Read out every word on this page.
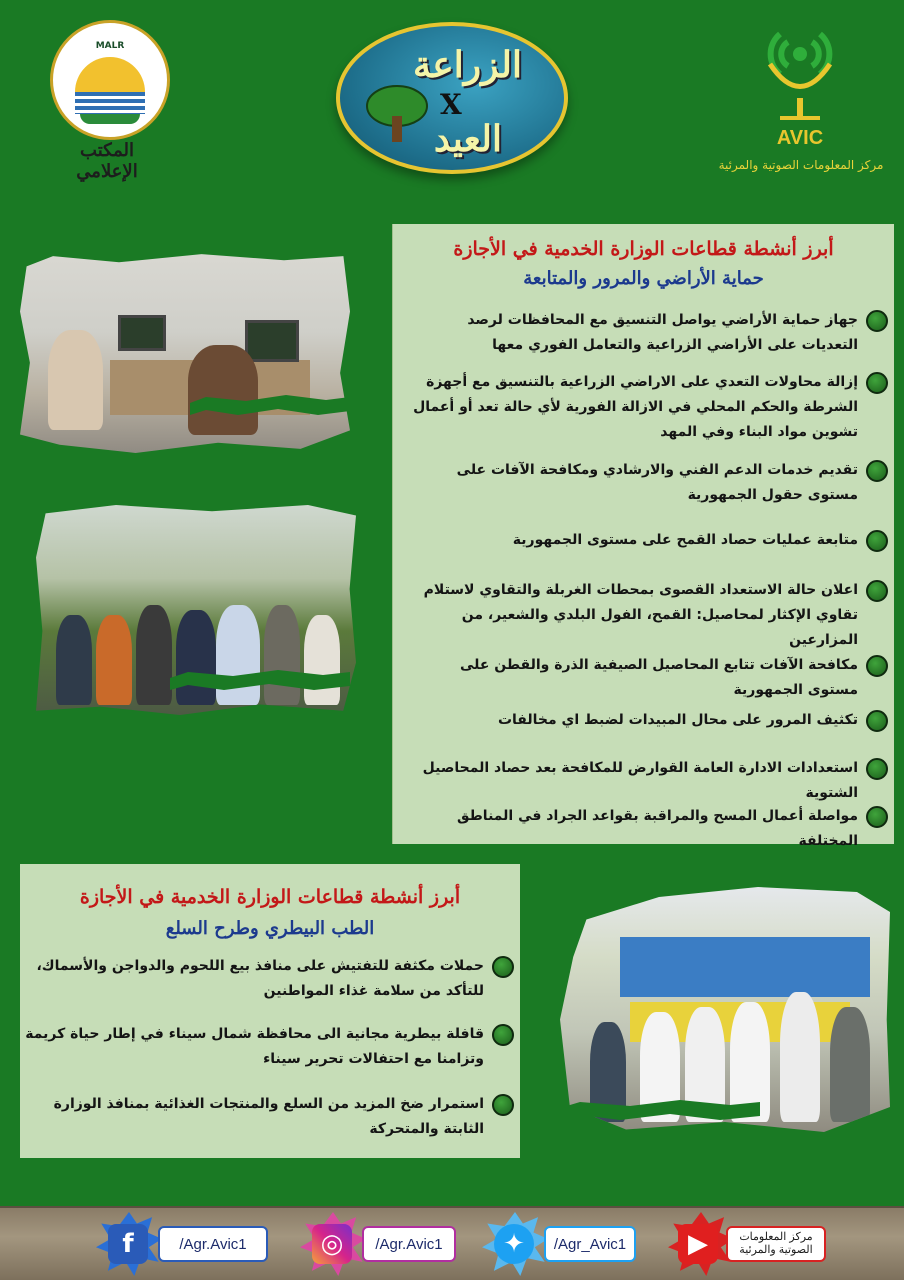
MALR
المكتب الإعلامي
الزراعة
X
العيد	AVIC
مركز المعلومات الصوتية والمرئية
أبرز أنشطة قطاعات الوزارة الخدمية في الأجازة
حماية الأراضي والمرور والمتابعة
جهاز حماية الأراضي يواصل التنسيق مع المحافظات لرصد التعديات على الأراضي الزراعية والتعامل الفوري معها
إزالة محاولات التعدي على الاراضي الزراعية بالتنسيق مع أجهزة الشرطة والحكم المحلي في الازالة الفورية لأي حالة تعد أو أعمال تشوين مواد البناء وفي المهد
تقديم خدمات الدعم الفني والارشادي ومكافحة الآفات على مستوى حقول الجمهورية
متابعة عمليات حصاد القمح على مستوى الجمهورية
اعلان حالة الاستعداد القصوى بمحطات الغربلة والتقاوي لاستلام تقاوي الإكثار لمحاصيل: القمح، الفول البلدي والشعير، من المزارعين
مكافحة الآفات تتابع المحاصيل الصيفية الذرة والقطن على مستوى الجمهورية
تكثيف المرور على محال المبيدات لضبط اي مخالفات
استعدادات الادارة العامة القوارض للمكافحة بعد حصاد المحاصيل الشتوية
مواصلة أعمال المسح والمراقبة بقواعد الجراد في المناطق المختلفة
أبرز أنشطة قطاعات الوزارة الخدمية في الأجازة
الطب البيطري وطرح السلع
حملات مكثفة للتفتيش على منافذ بيع اللحوم والدواجن والأسماك، للتأكد من سلامة غذاء المواطنين
قافلة بيطرية مجانية الى محافظة شمال سيناء في إطار حياة كريمة وتزامنا مع احتفالات تحرير سيناء
استمرار ضخ المزيد من السلع والمنتجات الغذائية بمنافذ الوزارة الثابتة والمتحركة
f	/Agr.Avic1	◎	/Agr.Avic1	✦	/Agr_Avic1	▶	مركز المعلومات الصوتية والمرئية
